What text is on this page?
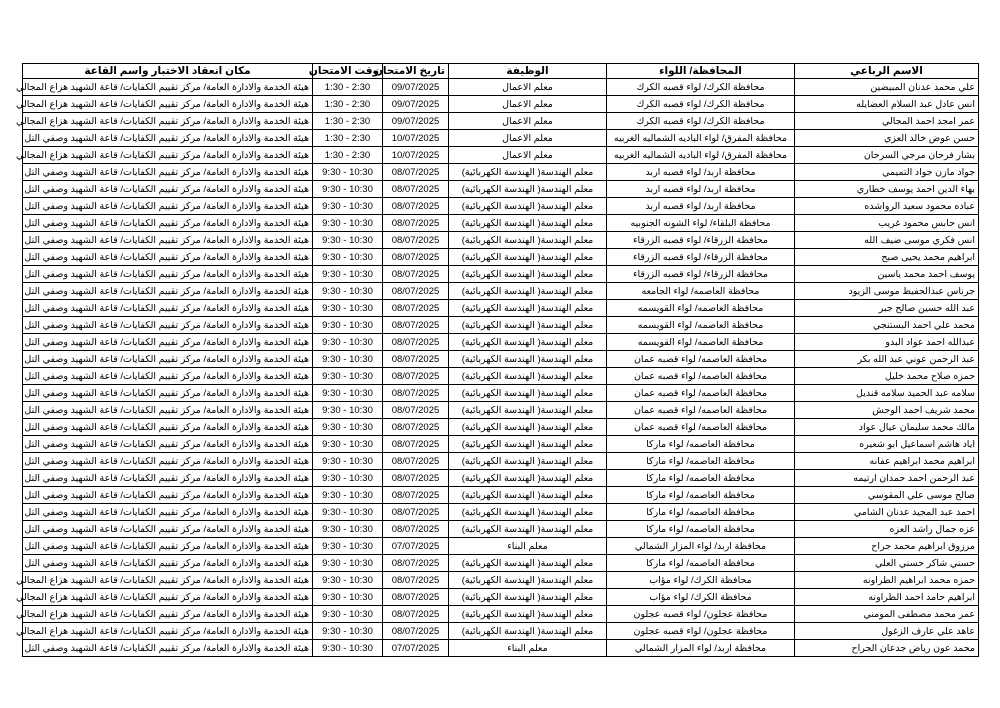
الاسم الرباعي	المحافظة/ اللواء	الوظيفة	تاريخ الامتحان	وقت الامتحان	مكان انعقاد الاختبار واسم القاعة
علي محمد عدنان المبيضين	محافظة الكرك/ لواء قصبه الكرك	معلم الاعمال	09/07/2025	1:30 - 2:30	هيئة الخدمة والادارة العامة/ مركز تقييم الكفايات/ قاعة الشهيد هزاع المجالي
انس عادل عبد السلام العضايله	محافظة الكرك/ لواء قصبه الكرك	معلم الاعمال	09/07/2025	1:30 - 2:30	هيئة الخدمة والادارة العامة/ مركز تقييم الكفايات/ قاعة الشهيد هزاع المجالي
عمر امجد احمد المجالي	محافظة الكرك/ لواء قصبه الكرك	معلم الاعمال	09/07/2025	1:30 - 2:30	هيئة الخدمة والادارة العامة/ مركز تقييم الكفايات/ قاعة الشهيد هزاع المجالي
حسن عوض خالد العزي	محافظة المفرق/ لواء الباديه الشماليه الغربيه	معلم الاعمال	10/07/2025	1:30 - 2:30	هيئة الخدمة والادارة العامة/ مركز تقييم الكفايات/ قاعة الشهيد وصفي التل
بشار فرحان مرجي السرحان	محافظة المفرق/ لواء الباديه الشماليه الغربيه	معلم الاعمال	10/07/2025	1:30 - 2:30	هيئة الخدمة والادارة العامة/ مركز تقييم الكفايات/ قاعة الشهيد هزاع المجالي
جواد مازن جواد التميمي	محافظة اربد/ لواء قصبه اربد	معلم الهندسة( الهندسة الكهربائية)	08/07/2025	9:30 - 10:30	هيئة الخدمة والادارة العامة/ مركز تقييم الكفايات/ قاعة الشهيد وصفي التل
بهاء الدين احمد يوسف خطاري	محافظة اربد/ لواء قصبه اربد	معلم الهندسة( الهندسة الكهربائية)	08/07/2025	9:30 - 10:30	هيئة الخدمة والادارة العامة/ مركز تقييم الكفايات/ قاعة الشهيد وصفي التل
عباده محمود سعيد الرواشده	محافظة اربد/ لواء قصبه اربد	معلم الهندسة( الهندسة الكهربائية)	08/07/2025	9:30 - 10:30	هيئة الخدمة والادارة العامة/ مركز تقييم الكفايات/ قاعة الشهيد وصفي التل
انس حابس محمود غريب	محافظة البلقاء/ لواء الشونه الجنوبيه	معلم الهندسة( الهندسة الكهربائية)	08/07/2025	9:30 - 10:30	هيئة الخدمة والادارة العامة/ مركز تقييم الكفايات/ قاعة الشهيد وصفي التل
انس فكري موسى ضيف الله	محافظة الزرقاء/ لواء قصبه الزرقاء	معلم الهندسة( الهندسة الكهربائية)	08/07/2025	9:30 - 10:30	هيئة الخدمة والادارة العامة/ مركز تقييم الكفايات/ قاعة الشهيد وصفي التل
ابراهيم محمد يحيى صبح	محافظة الزرقاء/ لواء قصبه الزرقاء	معلم الهندسة( الهندسة الكهربائية)	08/07/2025	9:30 - 10:30	هيئة الخدمة والادارة العامة/ مركز تقييم الكفايات/ قاعة الشهيد وصفي التل
يوسف احمد محمد ياسين	محافظة الزرقاء/ لواء قصبه الزرقاء	معلم الهندسة( الهندسة الكهربائية)	08/07/2025	9:30 - 10:30	هيئة الخدمة والادارة العامة/ مركز تقييم الكفايات/ قاعة الشهيد وصفي التل
جرناس عبدالحفيظ موسى الزيود	محافظة العاصمه/ لواء الجامعه	معلم الهندسة( الهندسة الكهربائية)	08/07/2025	9:30 - 10:30	هيئة الخدمة والادارة العامة/ مركز تقييم الكفايات/ قاعة الشهيد وصفي التل
عبد الله حسين صالح جبر	محافظة العاصمه/ لواء القويسمه	معلم الهندسة( الهندسة الكهربائية)	08/07/2025	9:30 - 10:30	هيئة الخدمة والادارة العامة/ مركز تقييم الكفايات/ قاعة الشهيد وصفي التل
محمد علي احمد البستنجي	محافظة العاصمه/ لواء القويسمه	معلم الهندسة( الهندسة الكهربائية)	08/07/2025	9:30 - 10:30	هيئة الخدمة والادارة العامة/ مركز تقييم الكفايات/ قاعة الشهيد وصفي التل
عبدالله احمد عواد البدو	محافظة العاصمه/ لواء القويسمه	معلم الهندسة( الهندسة الكهربائية)	08/07/2025	9:30 - 10:30	هيئة الخدمة والادارة العامة/ مركز تقييم الكفايات/ قاعة الشهيد وصفي التل
عبد الرحمن عوني عبد الله بكر	محافظة العاصمه/ لواء قصبه عمان	معلم الهندسة( الهندسة الكهربائية)	08/07/2025	9:30 - 10:30	هيئة الخدمة والادارة العامة/ مركز تقييم الكفايات/ قاعة الشهيد وصفي التل
حمزه صلاح محمد خليل	محافظة العاصمه/ لواء قصبه عمان	معلم الهندسة( الهندسة الكهربائية)	08/07/2025	9:30 - 10:30	هيئة الخدمة والادارة العامة/ مركز تقييم الكفايات/ قاعة الشهيد وصفي التل
سلامه عبد الحميد سلامه قنديل	محافظة العاصمه/ لواء قصبه عمان	معلم الهندسة( الهندسة الكهربائية)	08/07/2025	9:30 - 10:30	هيئة الخدمة والادارة العامة/ مركز تقييم الكفايات/ قاعة الشهيد وصفي التل
محمد شريف احمد الوحش	محافظة العاصمه/ لواء قصبه عمان	معلم الهندسة( الهندسة الكهربائية)	08/07/2025	9:30 - 10:30	هيئة الخدمة والادارة العامة/ مركز تقييم الكفايات/ قاعة الشهيد وصفي التل
مالك محمد سليمان عيال عواد	محافظة العاصمه/ لواء قصبه عمان	معلم الهندسة( الهندسة الكهربائية)	08/07/2025	9:30 - 10:30	هيئة الخدمة والادارة العامة/ مركز تقييم الكفايات/ قاعة الشهيد وصفي التل
اياد هاشم اسماعيل ابو شعيره	محافظة العاصمه/ لواء ماركا	معلم الهندسة( الهندسة الكهربائية)	08/07/2025	9:30 - 10:30	هيئة الخدمة والادارة العامة/ مركز تقييم الكفايات/ قاعة الشهيد وصفي التل
ابراهيم محمد ابراهيم عفانه	محافظة العاصمه/ لواء ماركا	معلم الهندسة( الهندسة الكهربائية)	08/07/2025	9:30 - 10:30	هيئة الخدمة والادارة العامة/ مركز تقييم الكفايات/ قاعة الشهيد وصفي التل
عبد الرحمن احمد حمدان ارتيمه	محافظة العاصمه/ لواء ماركا	معلم الهندسة( الهندسة الكهربائية)	08/07/2025	9:30 - 10:30	هيئة الخدمة والادارة العامة/ مركز تقييم الكفايات/ قاعة الشهيد وصفي التل
صالح موسى علي المقوسي	محافظة العاصمه/ لواء ماركا	معلم الهندسة( الهندسة الكهربائية)	08/07/2025	9:30 - 10:30	هيئة الخدمة والادارة العامة/ مركز تقييم الكفايات/ قاعة الشهيد وصفي التل
احمد عبد المجيد عدنان الشامي	محافظة العاصمه/ لواء ماركا	معلم الهندسة( الهندسة الكهربائية)	08/07/2025	9:30 - 10:30	هيئة الخدمة والادارة العامة/ مركز تقييم الكفايات/ قاعة الشهيد وصفي التل
عزه جمال راشد العزه	محافظة العاصمه/ لواء ماركا	معلم الهندسة( الهندسة الكهربائية)	08/07/2025	9:30 - 10:30	هيئة الخدمة والادارة العامة/ مركز تقييم الكفايات/ قاعة الشهيد وصفي التل
مرزوق ابراهيم محمد جراح	محافظة اربد/ لواء المزار الشمالي	معلم البناء	07/07/2025	9:30 - 10:30	هيئة الخدمة والادارة العامة/ مركز تقييم الكفايات/ قاعة الشهيد وصفي التل
حسني شاكر حسني العلي	محافظة العاصمه/ لواء ماركا	معلم الهندسة( الهندسة الكهربائية)	08/07/2025	9:30 - 10:30	هيئة الخدمة والادارة العامة/ مركز تقييم الكفايات/ قاعة الشهيد وصفي التل
حمزه محمد ابراهيم الطراونه	محافظة الكرك/ لواء مؤاب	معلم الهندسة( الهندسة الكهربائية)	08/07/2025	9:30 - 10:30	هيئة الخدمة والادارة العامة/ مركز تقييم الكفايات/ قاعة الشهيد هزاع المجالي
ابراهيم حامد احمد الطراونه	محافظة الكرك/ لواء مؤاب	معلم الهندسة( الهندسة الكهربائية)	08/07/2025	9:30 - 10:30	هيئة الخدمة والادارة العامة/ مركز تقييم الكفايات/ قاعة الشهيد هزاع المجالي
عمر محمد مصطفى المومني	محافظة عجلون/ لواء قصبه عجلون	معلم الهندسة( الهندسة الكهربائية)	08/07/2025	9:30 - 10:30	هيئة الخدمة والادارة العامة/ مركز تقييم الكفايات/ قاعة الشهيد هزاع المجالي
عاهد علي عارف الزغول	محافظة عجلون/ لواء قصبه عجلون	معلم الهندسة( الهندسة الكهربائية)	08/07/2025	9:30 - 10:30	هيئة الخدمة والادارة العامة/ مركز تقييم الكفايات/ قاعة الشهيد هزاع المجالي
محمد عون رياض جدعان الجراح	محافظة اربد/ لواء المزار الشمالي	معلم البناء	07/07/2025	9:30 - 10:30	هيئة الخدمة والادارة العامة/ مركز تقييم الكفايات/ قاعة الشهيد وصفي التل
